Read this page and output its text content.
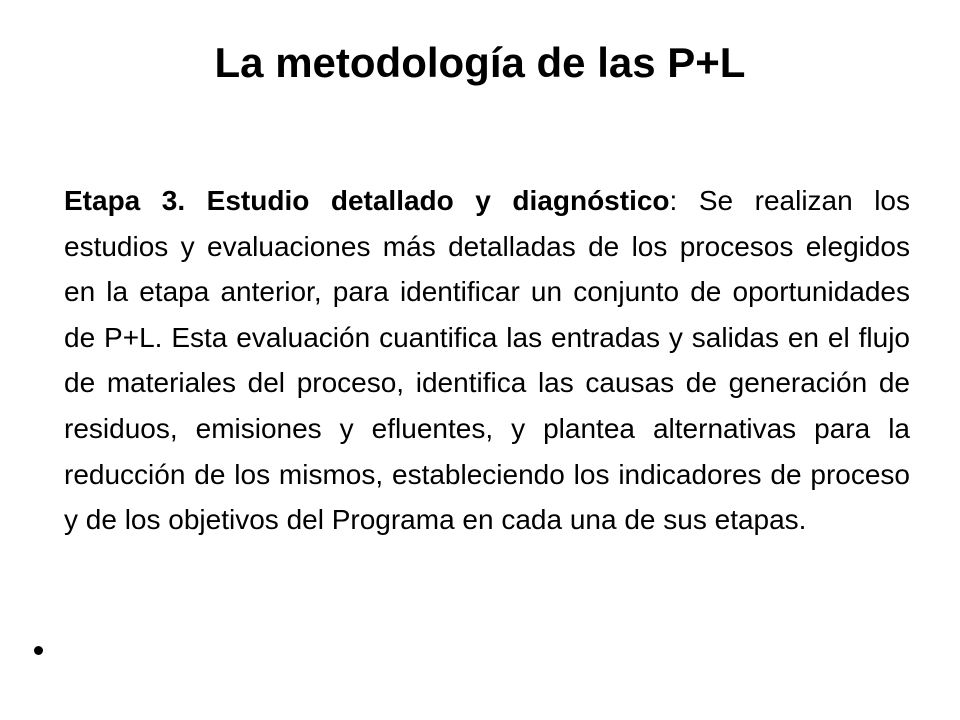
La metodología de las P+L

Etapa 3. Estudio detallado y diagnóstico: Se realizan los estudios y evaluaciones más detalladas de los procesos elegidos en la etapa anterior, para identificar un conjunto de oportunidades de P+L. Esta evaluación cuantifica las entradas y salidas en el flujo de materiales del proceso, identifica las causas de generación de residuos, emisiones y efluentes, y plantea alternativas para la reducción de los mismos, estableciendo los indicadores de proceso y de los objetivos del Programa en cada una de sus etapas.
